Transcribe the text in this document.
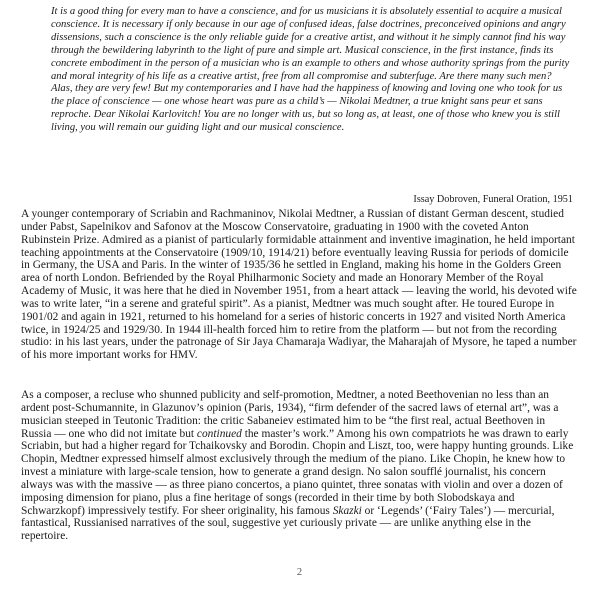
It is a good thing for every man to have a conscience, and for us musicians it is absolutely essential to acquire a musical conscience. It is necessary if only because in our age of confused ideas, false doctrines, preconceived opinions and angry dissensions, such a conscience is the only reliable guide for a creative artist, and without it he simply cannot find his way through the bewildering labyrinth to the light of pure and simple art. Musical conscience, in the first instance, finds its concrete embodiment in the person of a musician who is an example to others and whose authority springs from the purity and moral integrity of his life as a creative artist, free from all compromise and subterfuge. Are there many such men? Alas, they are very few! But my contemporaries and I have had the happiness of knowing and loving one who took for us the place of conscience — one whose heart was pure as a child’s — Nikolai Medtner, a true knight sans peur et sans reproche. Dear Nikolai Karlovitch! You are no longer with us, but so long as, at least, one of those who knew you is still living, you will remain our guiding light and our musical conscience.

Issay Dobroven, Funeral Oration, 1951

A younger contemporary of Scriabin and Rachmaninov, Nikolai Medtner, a Russian of distant German descent, studied under Pabst, Sapelnikov and Safonov at the Moscow Conservatoire, graduating in 1900 with the coveted Anton Rubinstein Prize. Admired as a pianist of particularly formidable attainment and inventive imagination, he held important teaching appointments at the Conservatoire (1909/10, 1914/21) before eventually leaving Russia for periods of domicile in Germany, the USA and Paris. In the winter of 1935/36 he settled in England, making his home in the Golders Green area of north London. Befriended by the Royal Philharmonic Society and made an Honorary Member of the Royal Academy of Music, it was here that he died in November 1951, from a heart attack — leaving the world, his devoted wife was to write later, “in a serene and grateful spirit”. As a pianist, Medtner was much sought after. He toured Europe in 1901/02 and again in 1921, returned to his homeland for a series of historic concerts in 1927 and visited North America twice, in 1924/25 and 1929/30. In 1944 ill-health forced him to retire from the platform — but not from the recording studio: in his last years, under the patronage of Sir Jaya Chamaraja Wadiyar, the Maharajah of Mysore, he taped a number of his more important works for HMV.

As a composer, a recluse who shunned publicity and self-promotion, Medtner, a noted Beethovenian no less than an ardent post-Schumannite, in Glazunov’s opinion (Paris, 1934), “firm defender of the sacred laws of eternal art”, was a musician steeped in Teutonic Tradition: the critic Sabaneiev estimated him to be “the first real, actual Beethoven in Russia — one who did not imitate but continued the master’s work.” Among his own compatriots he was drawn to early Scriabin, but had a higher regard for Tchaikovsky and Borodin. Chopin and Liszt, too, were happy hunting grounds. Like Chopin, Medtner expressed himself almost exclusively through the medium of the piano. Like Chopin, he knew how to invest a miniature with large-scale tension, how to generate a grand design. No salon soufflé journalist, his concern always was with the massive — as three piano concertos, a piano quintet, three sonatas with violin and over a dozen of imposing dimension for piano, plus a fine heritage of songs (recorded in their time by both Slobodskaya and Schwarzkopf) impressively testify. For sheer originality, his famous Skazki or ‘Legends’ (‘Fairy Tales’) — mercurial, fantastical, Russianised narratives of the soul, suggestive yet curiously private — are unlike anything else in the repertoire.

2
